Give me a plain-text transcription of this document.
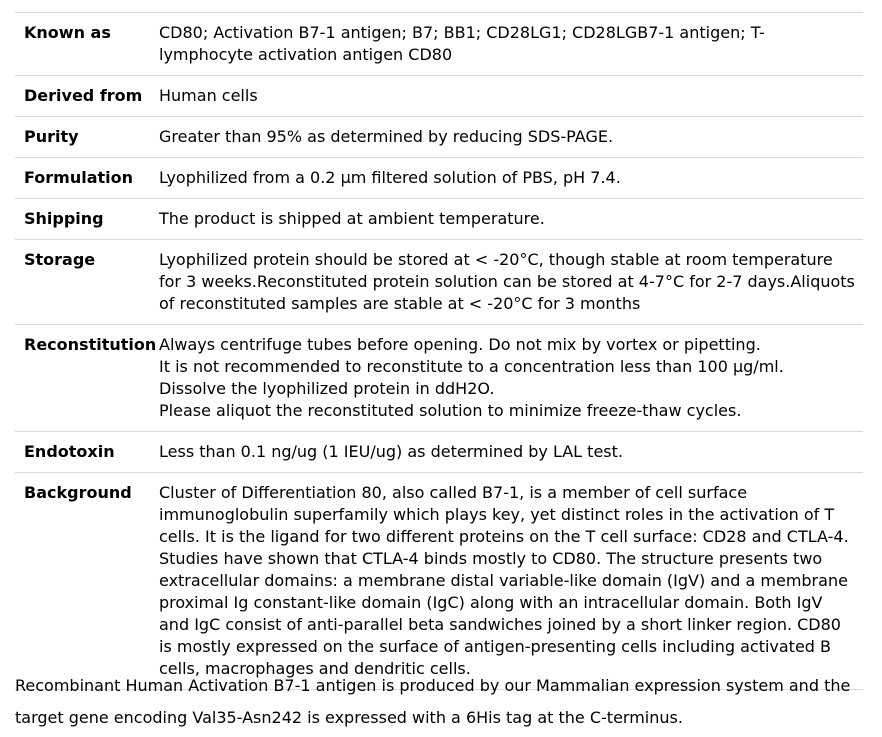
Known as	CD80; Activation B7-1 antigen; B7; BB1; CD28LG1; CD28LGB7-1 antigen; T-lymphocyte activation antigen CD80

Derived from	Human cells

Purity	Greater than 95% as determined by reducing SDS-PAGE.

Formulation	Lyophilized from a 0.2 μm filtered solution of PBS, pH 7.4.

Shipping	The product is shipped at ambient temperature.

Storage	Lyophilized protein should be stored at < -20°C, though stable at room temperature for 3 weeks.Reconstituted protein solution can be stored at 4-7°C for 2-7 days.Aliquots of reconstituted samples are stable at < -20°C for 3 months

Reconstitution	Always centrifuge tubes before opening. Do not mix by vortex or pipetting.
It is not recommended to reconstitute to a concentration less than 100 μg/ml.
Dissolve the lyophilized protein in ddH2O.
Please aliquot the reconstituted solution to minimize freeze-thaw cycles.

Endotoxin	Less than 0.1 ng/ug (1 IEU/ug) as determined by LAL test.

Background	Cluster of Differentiation 80, also called B7-1, is a member of cell surface immunoglobulin superfamily which plays key, yet distinct roles in the activation of T cells. It is the ligand for two different proteins on the T cell surface: CD28 and CTLA-4. Studies have shown that CTLA-4 binds mostly to CD80. The structure presents two extracellular domains: a membrane distal variable-like domain (IgV) and a membrane proximal Ig constant-like domain (IgC) along with an intracellular domain. Both IgV and IgC consist of anti-parallel beta sandwiches joined by a short linker region. CD80 is mostly expressed on the surface of antigen-presenting cells including activated B cells, macrophages and dendritic cells.
Recombinant Human Activation B7-1 antigen is produced by our Mammalian expression system and the target gene encoding Val35-Asn242 is expressed with a 6His tag at the C-terminus.
